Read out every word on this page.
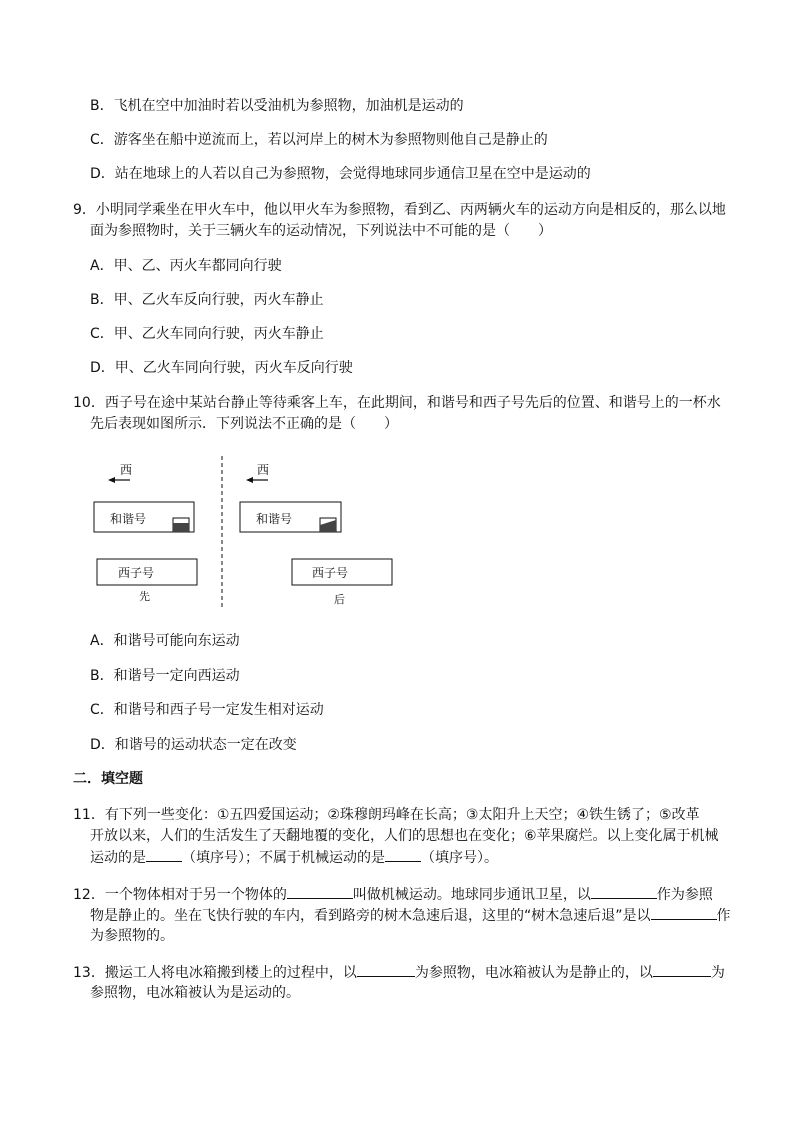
B．飞机在空中加油时若以受油机为参照物，加油机是运动的
C．游客坐在船中逆流而上，若以河岸上的树木为参照物则他自己是静止的
D．站在地球上的人若以自己为参照物，会觉得地球同步通信卫星在空中是运动的
9．小明同学乘坐在甲火车中，他以甲火车为参照物，看到乙、丙两辆火车的运动方向是相反的，那么以地
面为参照物时，关于三辆火车的运动情况，下列说法中不可能的是（　　）
A．甲、乙、丙火车都同向行驶
B．甲、乙火车反向行驶，丙火车静止
C．甲、乙火车同向行驶，丙火车静止
D．甲、乙火车同向行驶，丙火车反向行驶
10．西子号在途中某站台静止等待乘客上车，在此期间，和谐号和西子号先后的位置、和谐号上的一杯水
先后表现如图所示．下列说法不正确的是（　　）
西
和谐号
西子号
先
西
和谐号
西子号
后
A．和谐号可能向东运动
B．和谐号一定向西运动
C．和谐号和西子号一定发生相对运动
D．和谐号的运动状态一定在改变
二．填空题
11．有下列一些变化：①五四爱国运动；②珠穆朗玛峰在长高；③太阳升上天空；④铁生锈了；⑤改革
开放以来，人们的生活发生了天翻地覆的变化，人们的思想也在变化；⑥苹果腐烂。以上变化属于机械
运动的是	（填序号）；不属于机械运动的是	（填序号）。
12．一个物体相对于另一个物体的	叫做机械运动。地球同步通讯卫星，以	作为参照
物是静止的。坐在飞快行驶的车内，看到路旁的树木急速后退，这里的“树木急速后退”是以	作
为参照物的。
13．搬运工人将电冰箱搬到楼上的过程中，以	为参照物，电冰箱被认为是静止的，以	为
参照物，电冰箱被认为是运动的。
